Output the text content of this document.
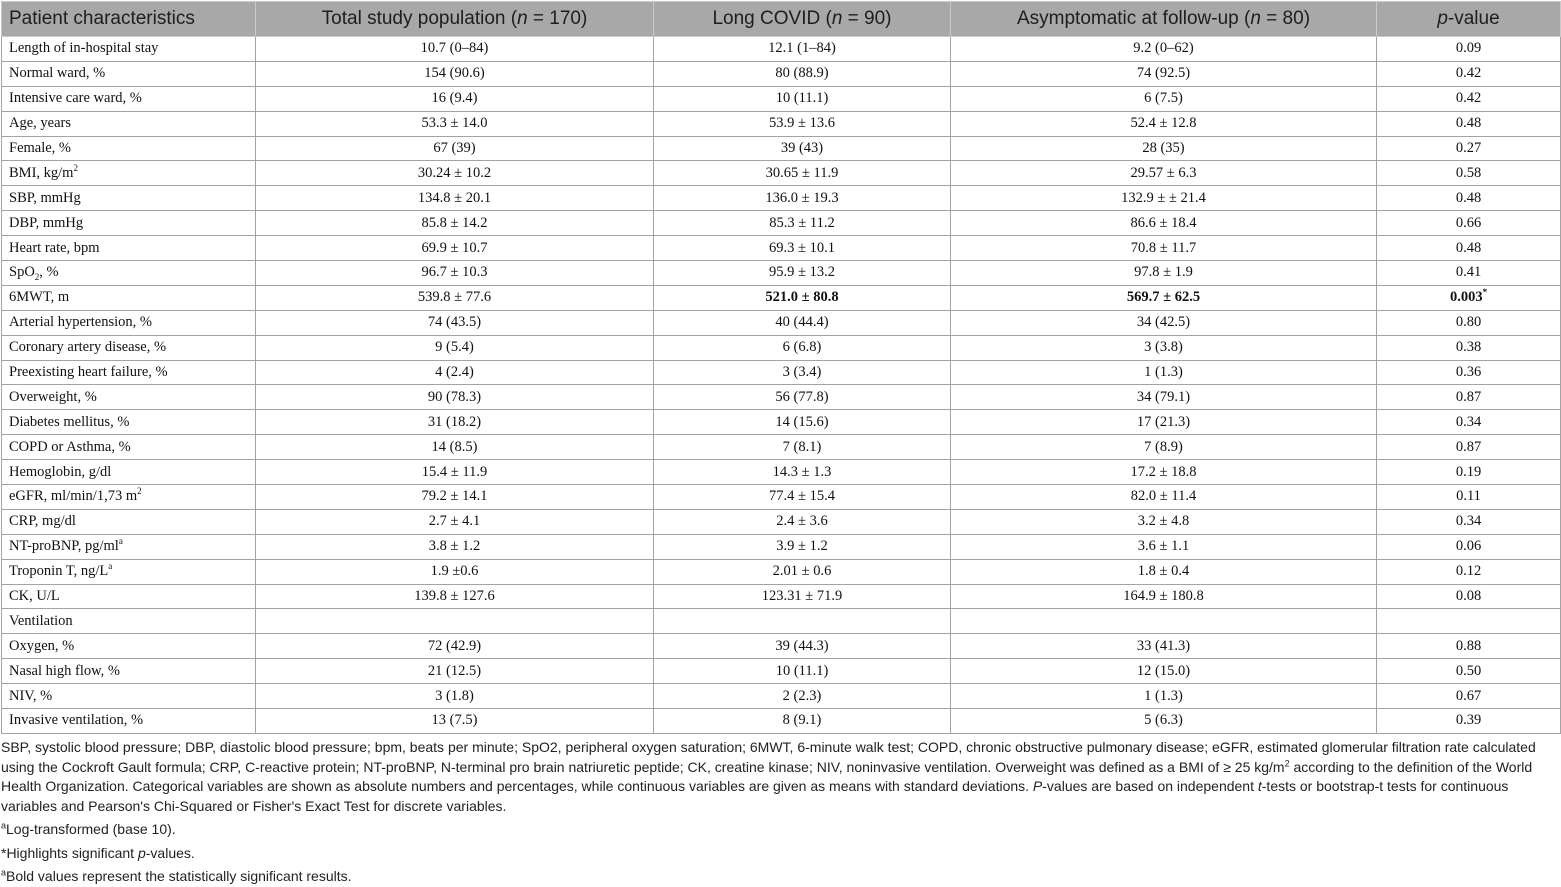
Patient characteristics	Total study population (n = 170)	Long COVID (n = 90)	Asymptomatic at follow-up (n = 80)	p-value
Length of in-hospital stay	10.7 (0–84)	12.1 (1–84)	9.2 (0–62)	0.09
Normal ward, %	154 (90.6)	80 (88.9)	74 (92.5)	0.42
Intensive care ward, %	16 (9.4)	10 (11.1)	6 (7.5)	0.42
Age, years	53.3 ± 14.0	53.9 ± 13.6	52.4 ± 12.8	0.48
Female, %	67 (39)	39 (43)	28 (35)	0.27
BMI, $kg/m^2$	30.24 ± 10.2	30.65 ± 11.9	29.57 ± 6.3	0.58
SBP, mmHg	134.8 ± 20.1	136.0 ± 19.3	132.9 ± ± 21.4	0.48
DBP, mmHg	85.8 ± 14.2	85.3 ± 11.2	86.6 ± 18.4	0.66
Heart rate, bpm	69.9 ± 10.7	69.3 ± 10.1	70.8 ± 11.7	0.48
SpO$_2$, %	96.7 ± 10.3	95.9 ± 13.2	97.8 ± 1.9	0.41
6MWT, m	539.8 ± 77.6	521.0 ± 80.8	569.7 ± 62.5	0.003*
Arterial hypertension, %	74 (43.5)	40 (44.4)	34 (42.5)	0.80
Coronary artery disease, %	9 (5.4)	6 (6.8)	3 (3.8)	0.38
Preexisting heart failure, %	4 (2.4)	3 (3.4)	1 (1.3)	0.36
Overweight, %	90 (78.3)	56 (77.8)	34 (79.1)	0.87
Diabetes mellitus, %	31 (18.2)	14 (15.6)	17 (21.3)	0.34
COPD or Asthma, %	14 (8.5)	7 (8.1)	7 (8.9)	0.87
Hemoglobin, g/dl	15.4 ± 11.9	14.3 ± 1.3	17.2 ± 18.8	0.19
eGFR, ml/min/1,73 $m^2$	79.2 ± 14.1	77.4 ± 15.4	82.0 ± 11.4	0.11
CRP, mg/dl	2.7 ± 4.1	2.4 ± 3.6	3.2 ± 4.8	0.34
NT-proBNP, $pg/ml^a$	3.8 ± 1.2	3.9 ± 1.2	3.6 ± 1.1	0.06
Troponin T, $ng/L^a$	1.9 ±0.6	2.01 ± 0.6	1.8 ± 0.4	0.12
CK, U/L	139.8 ± 127.6	123.31 ± 71.9	164.9 ± 180.8	0.08
Ventilation				
Oxygen, %	72 (42.9)	39 (44.3)	33 (41.3)	0.88
Nasal high flow, %	21 (12.5)	10 (11.1)	12 (15.0)	0.50
NIV, %	3 (1.8)	2 (2.3)	1 (1.3)	0.67
Invasive ventilation, %	13 (7.5)	8 (9.1)	5 (6.3)	0.39

SBP, systolic blood pressure; DBP, diastolic blood pressure; bpm, beats per minute; SpO2, peripheral oxygen saturation; 6MWT, 6-minute walk test; COPD, chronic obstructive pulmonary disease; eGFR, estimated glomerular filtration rate calculated using the Cockroft Gault formula; CRP, C-reactive protein; NT-proBNP, N-terminal pro brain natriuretic peptide; CK, creatine kinase; NIV, noninvasive ventilation. Overweight was defined as a BMI of ≥ 25 $kg/m^2$ according to the definition of the World Health Organization. Categorical variables are shown as absolute numbers and percentages, while continuous variables are given as means with standard deviations. P-values are based on independent t-tests or bootstrap-t tests for continuous variables and Pearson's Chi-Squared or Fisher's Exact Test for discrete variables.

$^a$Log-transformed (base 10).

*Highlights significant p-values.

$^a$Bold values represent the statistically significant results.
